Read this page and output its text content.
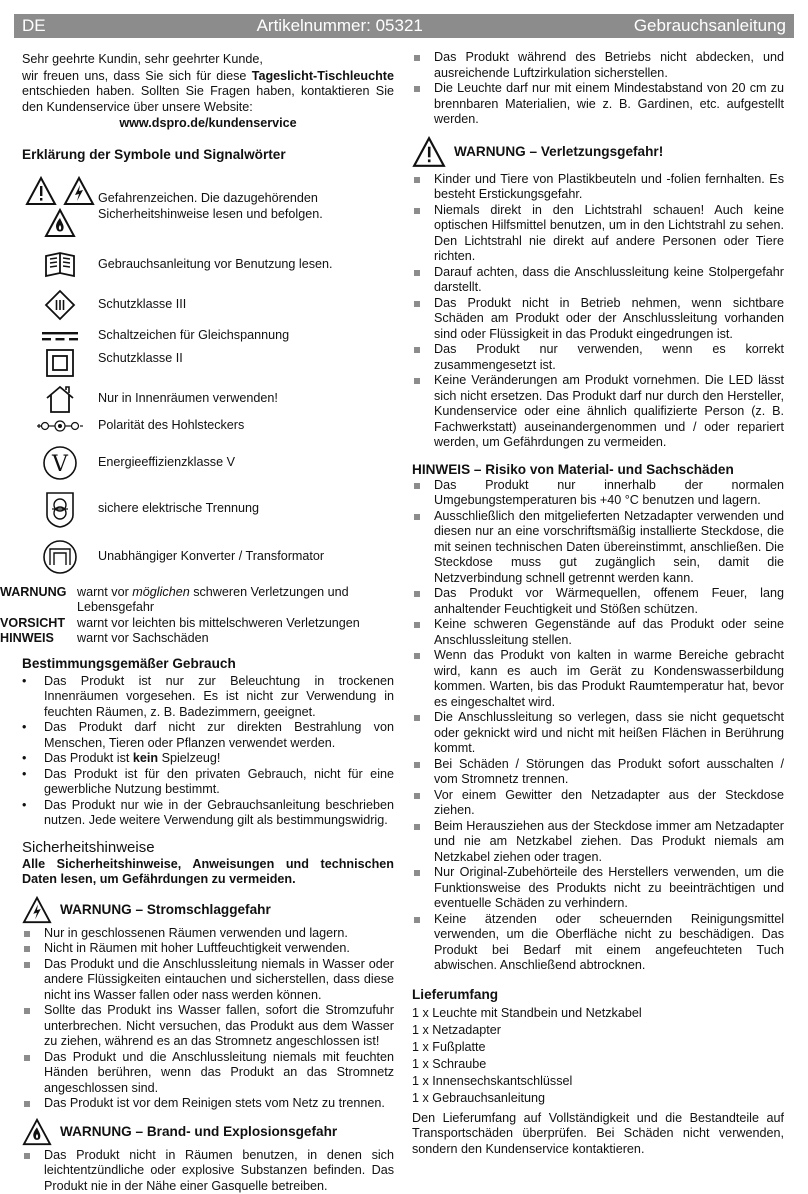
DE	Artikelnummer: 05321	Gebrauchsanleitung

Sehr geehrte Kundin, sehr geehrter Kunde,

wir freuen uns, dass Sie sich für diese Tageslicht-Tischleuchte entschieden haben. Sollten Sie Fragen haben, kontaktieren Sie den Kundenservice über unsere Website:

www.dspro.de/kundenservice

Erklärung der Symbole und Signalwörter
Gefahrenzeichen. Die dazugehörenden Sicherheitshinweise lesen und befolgen.
Gebrauchsanleitung vor Benutzung lesen.
Schutzklasse III
Schaltzeichen für Gleichspannung
Schutzklasse II
Nur in Innenräumen verwenden!
Polarität des Hohlsteckers
V Energieeffizienzklasse V
sichere elektrische Trennung
Unabhängiger Konverter / Transformator
WARNUNG warnt vor möglichen schweren Verletzungen und Lebensgefahr
VORSICHT warnt vor leichten bis mittelschweren Verletzungen
HINWEIS	warnt vor Sachschäden
Bestimmungsgemäßer Gebrauch
• Das Produkt ist nur zur Beleuchtung in trockenen Innenräumen vorgesehen. Es ist nicht zur Verwendung in feuchten Räumen, z. B. Badezimmern, geeignet.
• Das Produkt darf nicht zur direkten Bestrahlung von Menschen, Tieren oder Pflanzen verwendet werden.
• Das Produkt ist kein Spielzeug!
• Das Produkt ist für den privaten Gebrauch, nicht für eine gewerbliche Nutzung bestimmt.
• Das Produkt nur wie in der Gebrauchsanleitung beschrieben nutzen. Jede weitere Verwendung gilt als bestimmungswidrig.
Sicherheitshinweise

Alle Sicherheitshinweise, Anweisungen und technischen Daten lesen, um Gefährdungen zu vermeiden.

WARNUNG – Stromschlaggefahr
Nur in geschlossenen Räumen verwenden und lagern.
Nicht in Räumen mit hoher Luftfeuchtigkeit verwenden.
Das Produkt und die Anschlussleitung niemals in Wasser oder andere Flüssigkeiten eintauchen und sicherstellen, dass diese nicht ins Wasser fallen oder nass werden können.
Sollte das Produkt ins Wasser fallen, sofort die Stromzufuhr unterbrechen. Nicht versuchen, das Produkt aus dem Wasser zu ziehen, während es an das Stromnetz angeschlossen ist!
Das Produkt und die Anschlussleitung niemals mit feuchten Händen berühren, wenn das Produkt an das Stromnetz angeschlossen sind.
Das Produkt ist vor dem Reinigen stets vom Netz zu trennen.
WARNUNG – Brand- und Explosionsgefahr
Das Produkt nicht in Räumen benutzen, in denen sich leichtentzündliche oder explosive Substanzen befinden. Das Produkt nie in der Nähe einer Gasquelle betreiben.
Das Produkt während des Betriebs nicht abdecken, und ausreichende Luftzirkulation sicherstellen.
Die Leuchte darf nur mit einem Mindestabstand von 20 cm zu brennbaren Materialien, wie z. B. Gardinen, etc. aufgestellt werden.
WARNUNG – Verletzungsgefahr!
Kinder und Tiere von Plastikbeuteln und -folien fernhalten. Es besteht Erstickungsgefahr.
Niemals direkt in den Lichtstrahl schauen! Auch keine optischen Hilfsmittel benutzen, um in den Lichtstrahl zu sehen. Den Lichtstrahl nie direkt auf andere Personen oder Tiere richten.
Darauf achten, dass die Anschlussleitung keine Stolpergefahr darstellt.
Das Produkt nicht in Betrieb nehmen, wenn sichtbare Schäden am Produkt oder der Anschlussleitung vorhanden sind oder Flüssigkeit in das Produkt eingedrungen ist.
Das Produkt nur verwenden, wenn es korrekt zusammengesetzt ist.
Keine Veränderungen am Produkt vornehmen. Die LED lässt sich nicht ersetzen. Das Produkt darf nur durch den Hersteller, Kundenservice oder eine ähnlich qualifizierte Person (z. B. Fachwerkstatt) auseinandergenommen und / oder repariert werden, um Gefährdungen zu vermeiden.
HINWEIS – Risiko von Material- und Sachschäden
Das Produkt nur innerhalb der normalen Umgebungstemperaturen bis +40 °C benutzen und lagern.
Ausschließlich den mitgelieferten Netzadapter verwenden und diesen nur an eine vorschriftsmäßig installierte Steckdose, die mit seinen technischen Daten übereinstimmt, anschließen. Die Steckdose muss gut zugänglich sein, damit die Netzverbindung schnell getrennt werden kann.
Das Produkt vor Wärmequellen, offenem Feuer, lang anhaltender Feuchtigkeit und Stößen schützen.
Keine schweren Gegenstände auf das Produkt oder seine Anschlussleitung stellen.
Wenn das Produkt von kalten in warme Bereiche gebracht wird, kann es auch im Gerät zu Kondenswasserbildung kommen. Warten, bis das Produkt Raumtemperatur hat, bevor es eingeschaltet wird.
Die Anschlussleitung so verlegen, dass sie nicht gequetscht oder geknickt wird und nicht mit heißen Flächen in Berührung kommt.
Bei Schäden / Störungen das Produkt sofort ausschalten / vom Stromnetz trennen.
Vor einem Gewitter den Netzadapter aus der Steckdose ziehen.
Beim Herausziehen aus der Steckdose immer am Netzadapter und nie am Netzkabel ziehen. Das Produkt niemals am Netzkabel ziehen oder tragen.
Nur Original-Zubehörteile des Herstellers verwenden, um die Funktionsweise des Produkts nicht zu beeinträchtigen und eventuelle Schäden zu verhindern.
Keine ätzenden oder scheuernden Reinigungsmittel verwenden, um die Oberfläche nicht zu beschädigen. Das Produkt bei Bedarf mit einem angefeuchteten Tuch abwischen. Anschließend abtrocknen.
Lieferumfang

1 x Leuchte mit Standbein und Netzkabel

1 x Netzadapter

1 x Fußplatte

1 x Schraube

1 x Innensechskantschlüssel

1 x Gebrauchsanleitung

Den Lieferumfang auf Vollständigkeit und die Bestandteile auf Transportschäden überprüfen. Bei Schäden nicht verwenden, sondern den Kundenservice kontaktieren.
